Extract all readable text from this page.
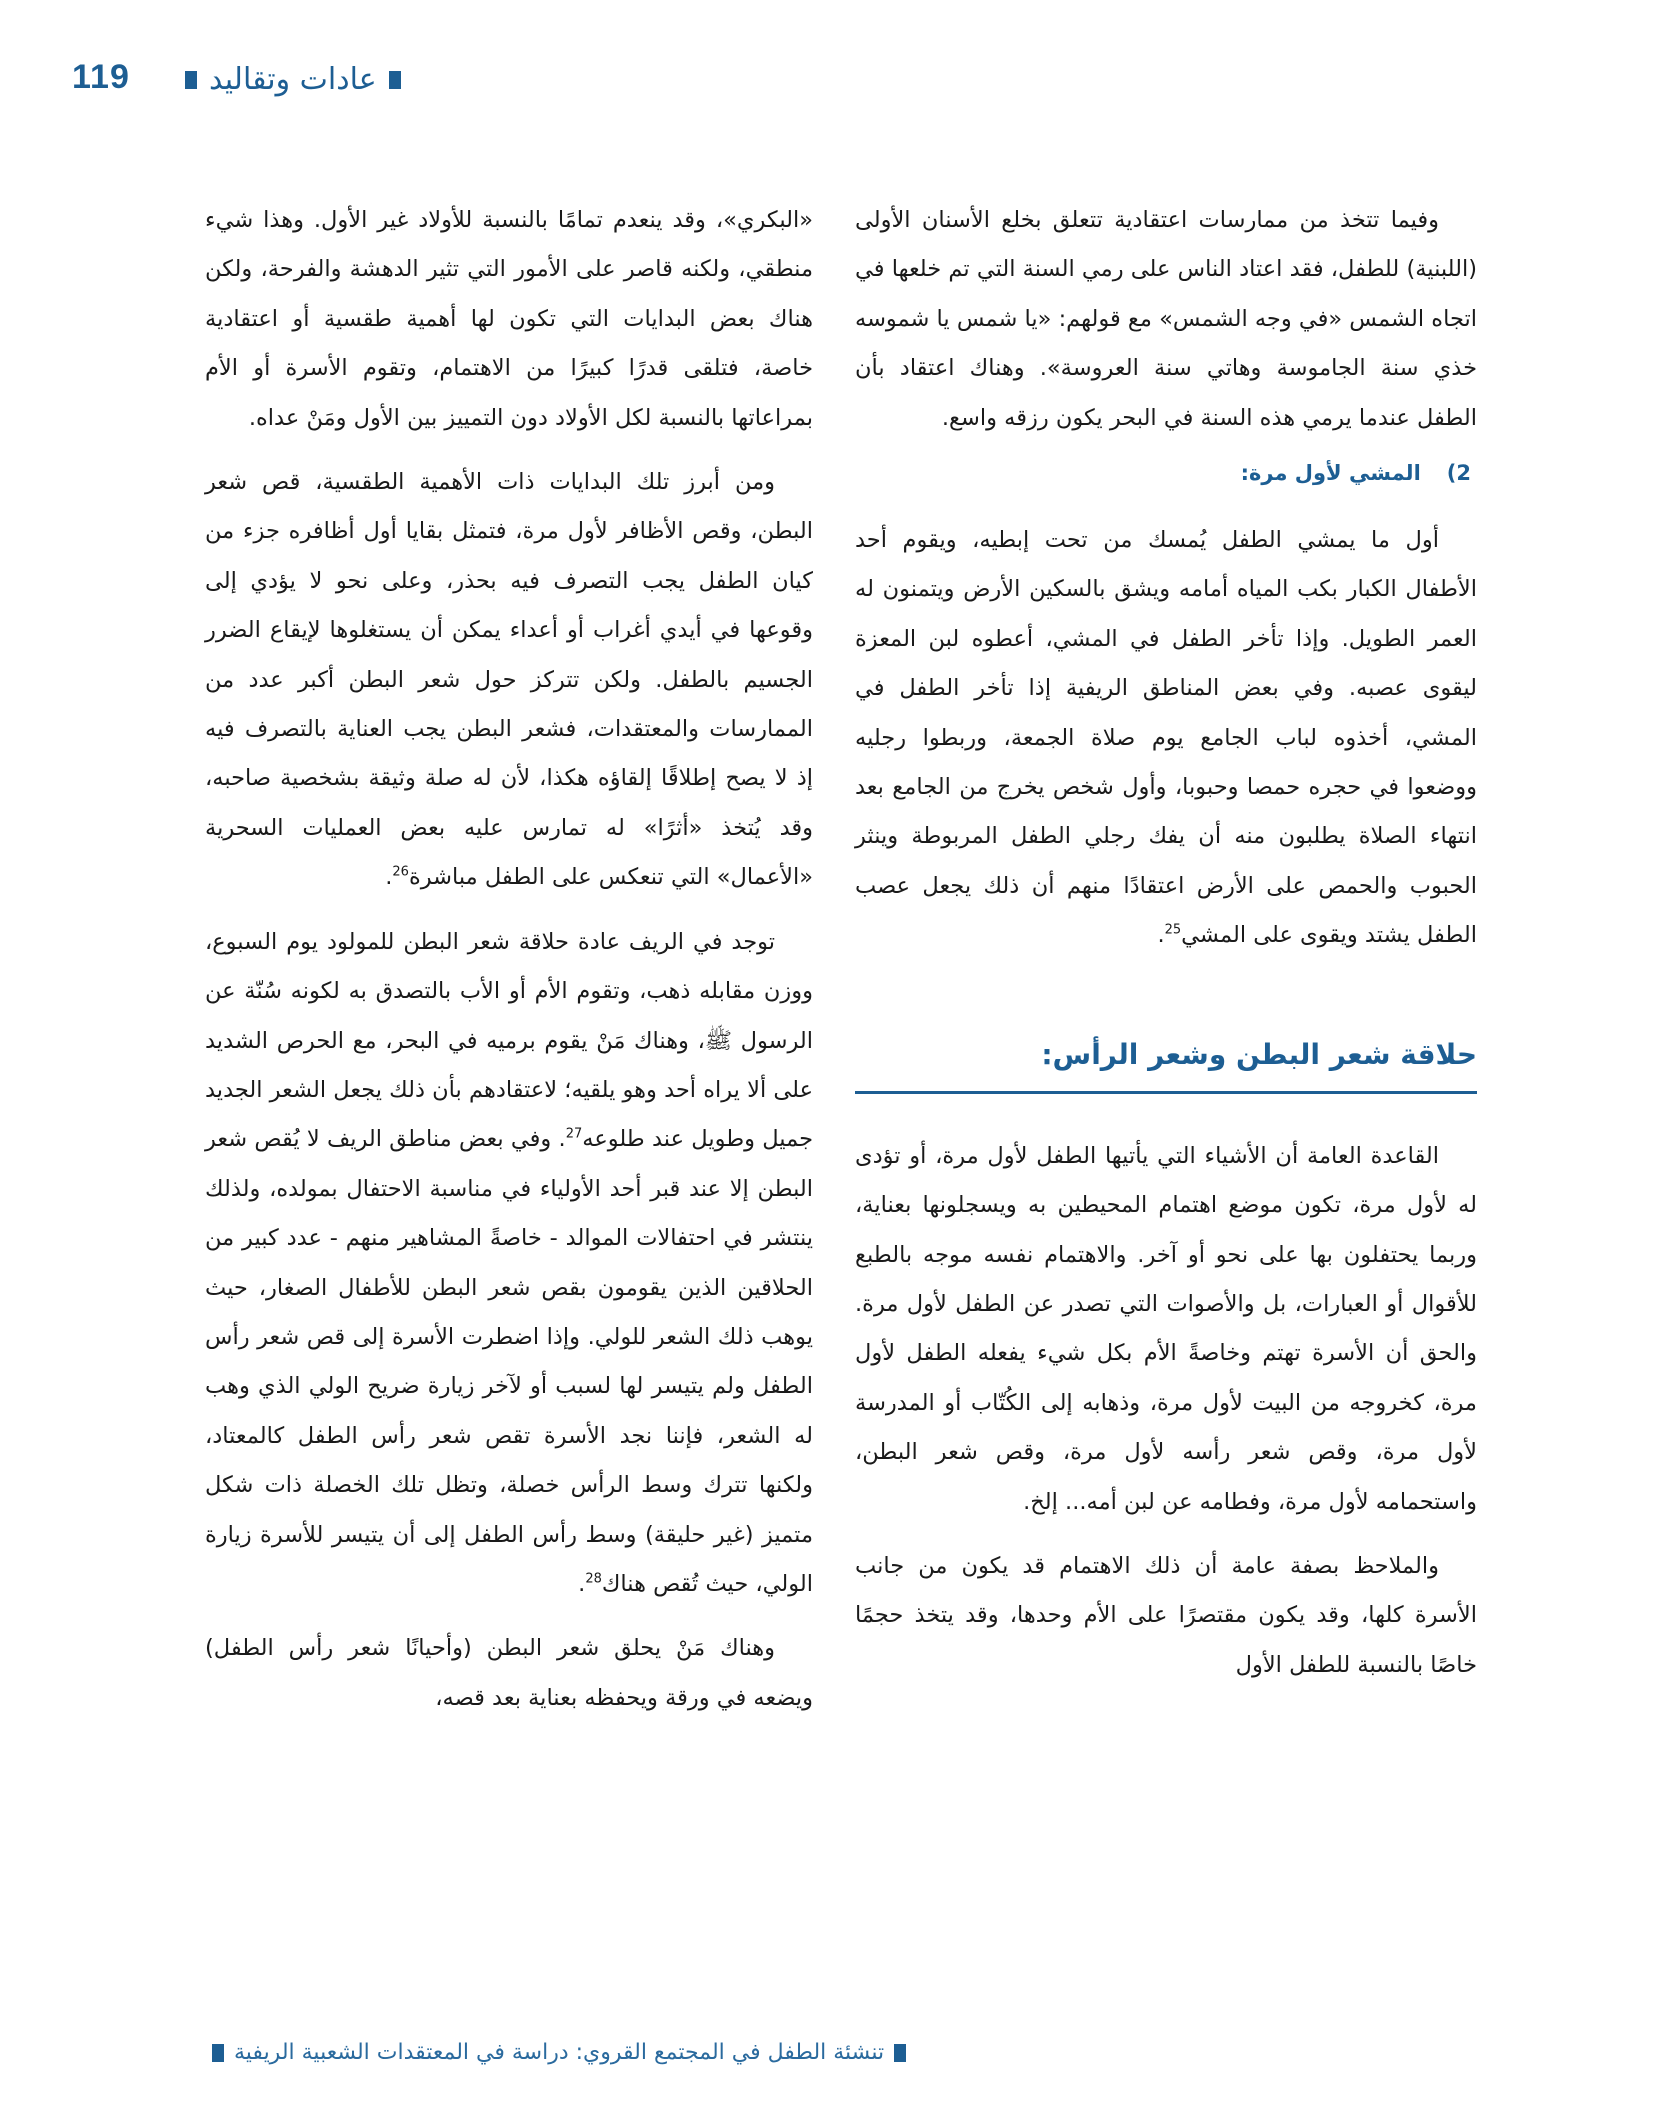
119	عادات وتقاليد

وفيما تتخذ من ممارسات اعتقادية تتعلق بخلع الأسنان الأولى (اللبنية) للطفل، فقد اعتاد الناس على رمي السنة التي تم خلعها في اتجاه الشمس «في وجه الشمس» مع قولهم: «يا شمس يا شموسه خذي سنة الجاموسة وهاتي سنة العروسة». وهناك اعتقاد بأن الطفل عندما يرمي هذه السنة في البحر يكون رزقه واسع.

2)
المشي لأول مرة:

أول ما يمشي الطفل يُمسك من تحت إبطيه، ويقوم أحد الأطفال الكبار بكب المياه أمامه ويشق بالسكين الأرض ويتمنون له العمر الطويل. وإذا تأخر الطفل في المشي، أعطوه لبن المعزة ليقوى عصبه. وفي بعض المناطق الريفية إذا تأخر الطفل في المشي، أخذوه لباب الجامع يوم صلاة الجمعة، وربطوا رجليه ووضعوا في حجره حمصا وحبوبا، وأول شخص يخرج من الجامع بعد انتهاء الصلاة يطلبون منه أن يفك رجلي الطفل المربوطة وينثر الحبوب والحمص على الأرض اعتقادًا منهم أن ذلك يجعل عصب الطفل يشتد ويقوى على المشي$^{25}$.

حلاقة شعر البطن وشعر الرأس:

القاعدة العامة أن الأشياء التي يأتيها الطفل لأول مرة، أو تؤدى له لأول مرة، تكون موضع اهتمام المحيطين به ويسجلونها بعناية، وربما يحتفلون بها على نحو أو آخر. والاهتمام نفسه موجه بالطبع للأقوال أو العبارات، بل والأصوات التي تصدر عن الطفل لأول مرة. والحق أن الأسرة تهتم وخاصةً الأم بكل شيء يفعله الطفل لأول مرة، كخروجه من البيت لأول مرة، وذهابه إلى الكُتّاب أو المدرسة لأول مرة، وقص شعر رأسه لأول مرة، وقص شعر البطن، واستحمامه لأول مرة، وفطامه عن لبن أمه... إلخ.

والملاحظ بصفة عامة أن ذلك الاهتمام قد يكون من جانب الأسرة كلها، وقد يكون مقتصرًا على الأم وحدها، وقد يتخذ حجمًا خاصًا بالنسبة للطفل الأول

«البكري»، وقد ينعدم تمامًا بالنسبة للأولاد غير الأول. وهذا شيء منطقي، ولكنه قاصر على الأمور التي تثير الدهشة والفرحة، ولكن هناك بعض البدايات التي تكون لها أهمية طقسية أو اعتقادية خاصة، فتلقى قدرًا كبيرًا من الاهتمام، وتقوم الأسرة أو الأم بمراعاتها بالنسبة لكل الأولاد دون التمييز بين الأول ومَنْ عداه.

ومن أبرز تلك البدايات ذات الأهمية الطقسية، قص شعر البطن، وقص الأظافر لأول مرة، فتمثل بقايا أول أظافره جزء من كيان الطفل يجب التصرف فيه بحذر، وعلى نحو لا يؤدي إلى وقوعها في أيدي أغراب أو أعداء يمكن أن يستغلوها لإيقاع الضرر الجسيم بالطفل. ولكن تتركز حول شعر البطن أكبر عدد من الممارسات والمعتقدات، فشعر البطن يجب العناية بالتصرف فيه إذ لا يصح إطلاقًا إلقاؤه هكذا، لأن له صلة وثيقة بشخصية صاحبه، وقد يُتخذ «أثرًا» له تمارس عليه بعض العمليات السحرية «الأعمال» التي تنعكس على الطفل مباشرة$^{26}$.

توجد في الريف عادة حلاقة شعر البطن للمولود يوم السبوع، ووزن مقابله ذهب، وتقوم الأم أو الأب بالتصدق به لكونه سُنّة عن الرسول ﷺ، وهناك مَنْ يقوم برميه في البحر، مع الحرص الشديد على ألا يراه أحد وهو يلقيه؛ لاعتقادهم بأن ذلك يجعل الشعر الجديد جميل وطويل عند طلوعه$^{27}$. وفي بعض مناطق الريف لا يُقص شعر البطن إلا عند قبر أحد الأولياء في مناسبة الاحتفال بمولده، ولذلك ينتشر في احتفالات الموالد - خاصةً المشاهير منهم - عدد كبير من الحلاقين الذين يقومون بقص شعر البطن للأطفال الصغار، حيث يوهب ذلك الشعر للولي. وإذا اضطرت الأسرة إلى قص شعر رأس الطفل ولم يتيسر لها لسبب أو لآخر زيارة ضريح الولي الذي وهب له الشعر، فإننا نجد الأسرة تقص شعر رأس الطفل كالمعتاد، ولكنها تترك وسط الرأس خصلة، وتظل تلك الخصلة ذات شكل متميز (غير حليقة) وسط رأس الطفل إلى أن يتيسر للأسرة زيارة الولي، حيث تُقص هناك$^{28}$.

وهناك مَنْ يحلق شعر البطن (وأحيانًا شعر رأس الطفل) ويضعه في ورقة ويحفظه بعناية بعد قصه،

تنشئة الطفل في المجتمع القروي: دراسة في المعتقدات الشعبية الريفية
